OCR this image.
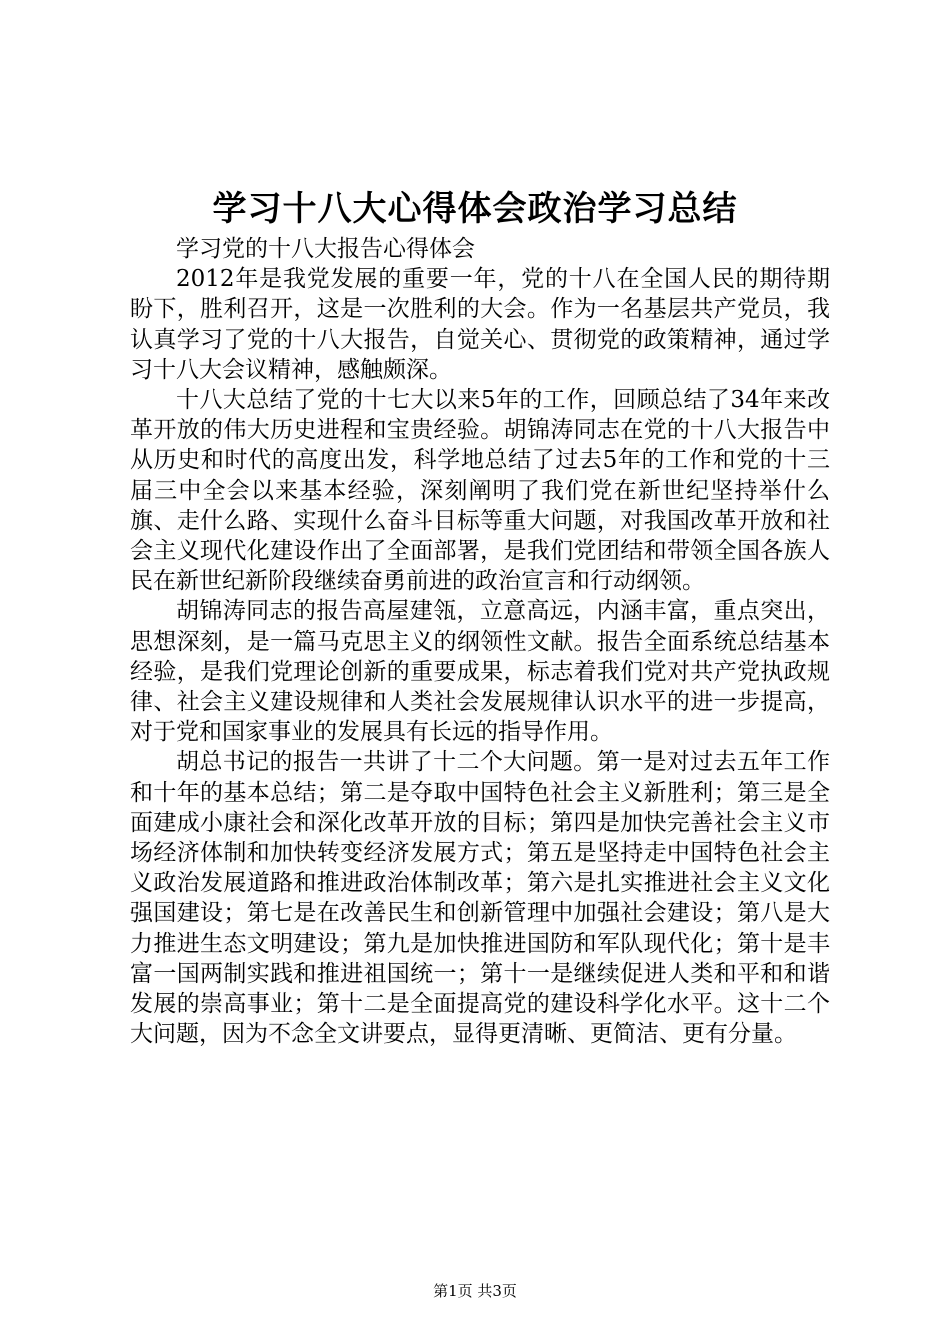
学习十八大心得体会政治学习总结

学习党的十八大报告心得体会

2012年是我党发展的重要一年，党的十八在全国人民的期待期盼下，胜利召开，这是一次胜利的大会。作为一名基层共产党员，我认真学习了党的十八大报告，自觉关心、贯彻党的政策精神，通过学习十八大会议精神，感触颇深。

十八大总结了党的十七大以来5年的工作，回顾总结了34年来改革开放的伟大历史进程和宝贵经验。胡锦涛同志在党的十八大报告中从历史和时代的高度出发，科学地总结了过去5年的工作和党的十三届三中全会以来基本经验，深刻阐明了我们党在新世纪坚持举什么旗、走什么路、实现什么奋斗目标等重大问题，对我国改革开放和社会主义现代化建设作出了全面部署，是我们党团结和带领全国各族人民在新世纪新阶段继续奋勇前进的政治宣言和行动纲领。

胡锦涛同志的报告高屋建瓴，立意高远，内涵丰富，重点突出，思想深刻，是一篇马克思主义的纲领性文献。报告全面系统总结基本经验，是我们党理论创新的重要成果，标志着我们党对共产党执政规律、社会主义建设规律和人类社会发展规律认识水平的进一步提高，对于党和国家事业的发展具有长远的指导作用。

胡总书记的报告一共讲了十二个大问题。第一是对过去五年工作和十年的基本总结；第二是夺取中国特色社会主义新胜利；第三是全面建成小康社会和深化改革开放的目标；第四是加快完善社会主义市场经济体制和加快转变经济发展方式；第五是坚持走中国特色社会主义政治发展道路和推进政治体制改革；第六是扎实推进社会主义文化强国建设；第七是在改善民生和创新管理中加强社会建设；第八是大力推进生态文明建设；第九是加快推进国防和军队现代化；第十是丰富一国两制实践和推进祖国统一；第十一是继续促进人类和平和和谐发展的崇高事业；第十二是全面提高党的建设科学化水平。这十二个大问题，因为不念全文讲要点，显得更清晰、更简洁、更有分量。

第1页 共3页
